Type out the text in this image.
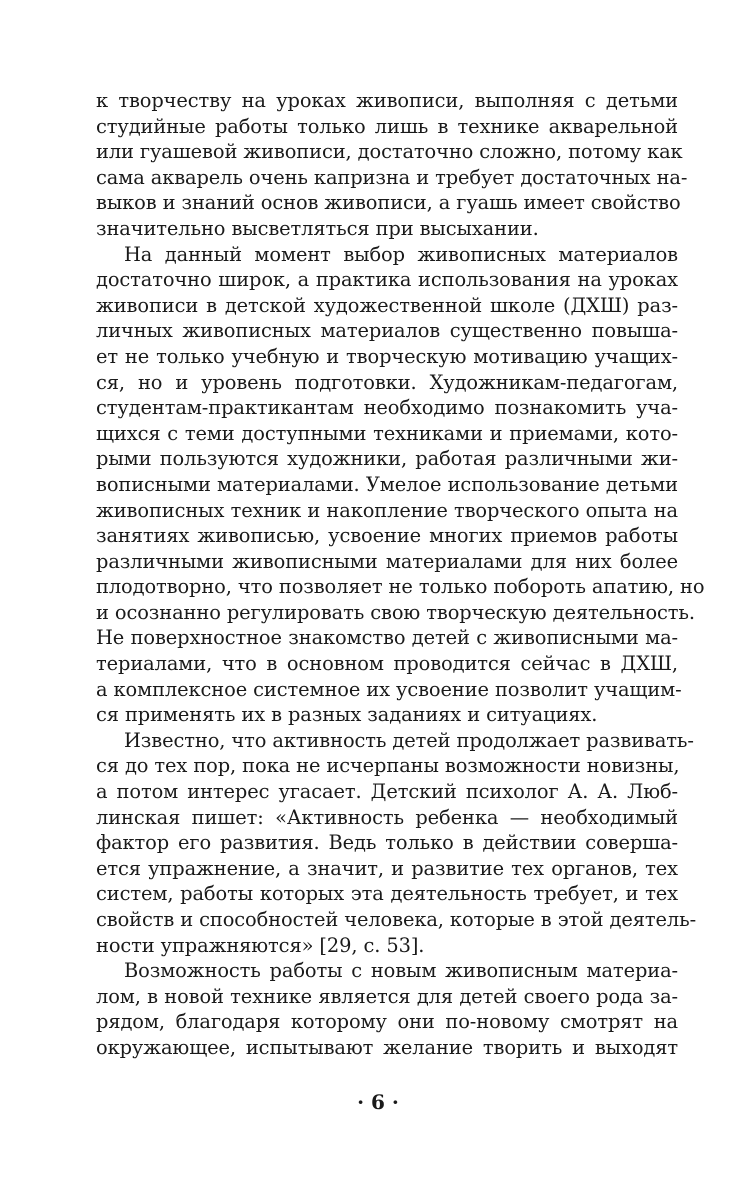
к творчеству на уроках живописи, выполняя с детьми
студийные работы только лишь в технике акварельной
или гуашевой живописи, достаточно сложно, потому как
сама акварель очень капризна и требует достаточных на-
выков и знаний основ живописи, а гуашь имеет свойство
значительно высветляться при высыхании.
На данный момент выбор живописных материалов
достаточно широк, а практика использования на уроках
живописи в детской художественной школе (ДХШ) раз-
личных живописных материалов существенно повыша-
ет не только учебную и творческую мотивацию учащих-
ся, но и уровень подготовки. Художникам-педагогам,
студентам-практикантам необходимо познакомить уча-
щихся с теми доступными техниками и приемами, кото-
рыми пользуются художники, работая различными жи-
вописными материалами. Умелое использование детьми
живописных техник и накопление творческого опыта на
занятиях живописью, усвоение многих приемов работы
различными живописными материалами для них более
плодотворно, что позволяет не только побороть апатию, но
и осознанно регулировать свою творческую деятельность.
Не поверхностное знакомство детей с живописными ма-
териалами, что в основном проводится сейчас в ДХШ,
а комплексное системное их усвоение позволит учащим-
ся применять их в разных заданиях и ситуациях.
Известно, что активность детей продолжает развивать-
ся до тех пор, пока не исчерпаны возможности новизны,
а потом интерес угасает. Детский психолог А. А. Люб-
линская пишет: «Активность ребенка — необходимый
фактор его развития. Ведь только в действии соверша-
ется упражнение, а значит, и развитие тех органов, тех
систем, работы которых эта деятельность требует, и тех
свойств и способностей человека, которые в этой деятель-
ности упражняются» [29, с. 53].
Возможность работы с новым живописным материа-
лом, в новой технике является для детей своего рода за-
рядом, благодаря которому они по-новому смотрят на
окружающее, испытывают желание творить и выходят
· 6 ·
